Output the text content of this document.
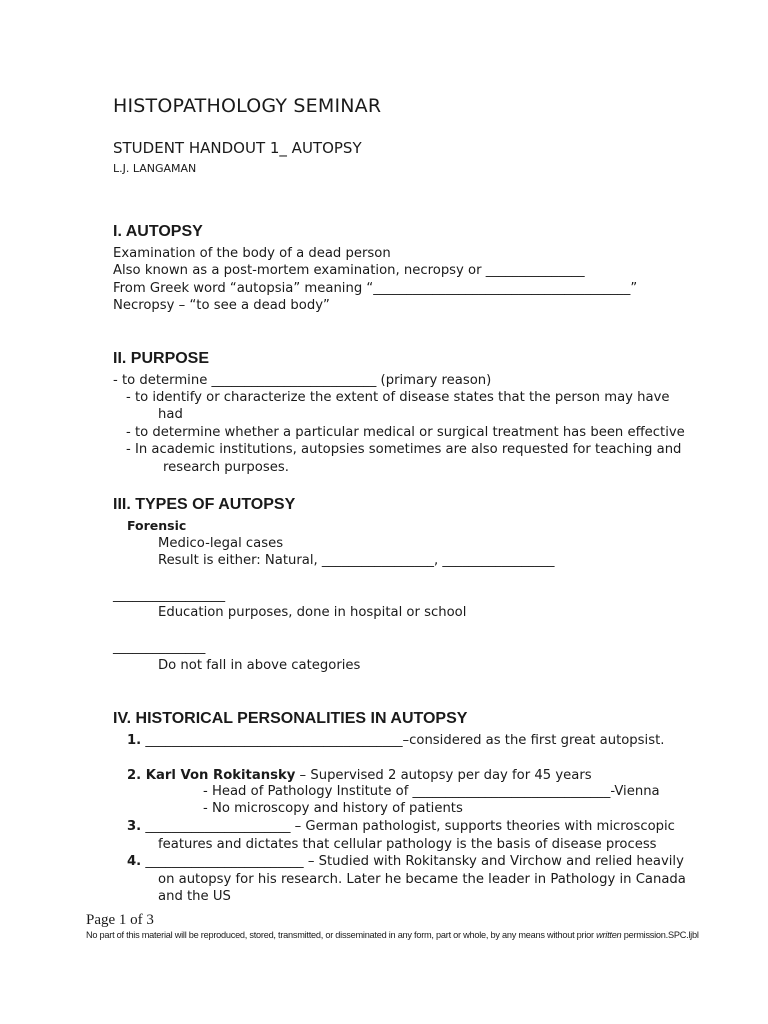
HISTOPATHOLOGY SEMINAR
STUDENT HANDOUT 1_ AUTOPSY
L.J. LANGAMAN
I. AUTOPSY
Examination of the body of a dead person
Also known as a post-mortem examination, necropsy or _______________
From Greek word “autopsia” meaning “_______________________________________”
Necropsy – “to see a dead body”
II. PURPOSE
- to determine _________________________ (primary reason)
- to identify or characterize the extent of disease states that the person may have
had
- to determine whether a particular medical or surgical treatment has been effective
- In academic institutions, autopsies sometimes are also requested for teaching and
research purposes.
III. TYPES OF AUTOPSY
Forensic
Medico-legal cases
Result is either: Natural, _________________, _________________
_________________
Education purposes, done in hospital or school
______________
Do not fall in above categories
IV. HISTORICAL PERSONALITIES IN AUTOPSY
1. _______________________________________–considered as the first great autopsist.
2. Karl Von Rokitansky – Supervised 2 autopsy per day for 45 years
- Head of Pathology Institute of ______________________________-Vienna
- No microscopy and history of patients
3. ______________________ – German pathologist, supports theories with microscopic
features and dictates that cellular pathology is the basis of disease process
4. ________________________ – Studied with Rokitansky and Virchow and relied heavily
on autopsy for his research. Later he became the leader in Pathology in Canada
and the US
Page 1 of 3
No part of this material will be reproduced, stored, transmitted, or disseminated in any form, part or whole, by any means without prior written permission.SPC.ljbl
